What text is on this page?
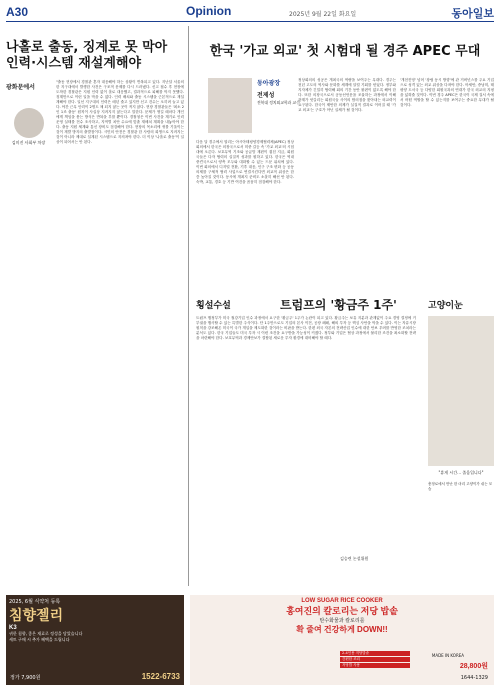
A30	Opinion	2025년 9월 22일 화요일	동아일보
나홀로 출동, 징계로 못 막아
인력·시스템 재설계해야
광화문에서
김미진 사회부 차장
"출동 현장에서 경찰관 혼자 대응해야 하는 상황이 반복되고 있다. 지난달 서울의 한 지구대에서 발생한 사건은 구조적 문제를 다시 드러냈다. 신고 접수 후 현장에 도착한 경찰관은 지원 인력 없이 홀로 대응했고, 결과적으로 피해를 막지 못했다. 징계만으로 이런 일을 막을 수 없다. 인력 배치와 출동 시스템을 근본적으로 재설계해야 한다. 일선 지구대의 인력은 매년 줄고 있지만 신고 건수는 오히려 늘고 있다. 야간 근무 인력이 2명도 채 되지 않는 곳이 적지 않다. 현장 경찰관들은 '최소 2인 1조 출동' 원칙이 사실상 지켜지지 않는다고 말한다. 문제가 생길 때마다 개인에게 책임을 묻는 방식은 반복을 부를 뿐이다. 경찰청은 이번 사건을 계기로 인력 운영 실태를 전수 조사하고, 지역별 치안 수요에 맞춘 재배치 계획을 내놓아야 한다. 출동 지원 체계와 통신 장비도 점검해야 한다. 현장의 목소리에 귀를 기울이는 것이 재발 방지의 출발점이다. 시민의 안전은 경찰관 한 사람의 희생으로 지켜지는 것이 아니라 제대로 설계된 시스템으로 지켜져야 한다. 더 이상 '나홀로 출동'이 일상이 되어서는 안 된다.
한국 '가교 외교' 첫 시험대 될 경주 APEC 무대
동아광장
전제성
전북대 정치외교학과 교수
다음 달 경주에서 열리는 아시아태평양경제협력체(APEC) 정상회의에서 한국은 의장국으로서 미중 갈등 속 '가교 외교'의 시험대에 오른다. 보호무역 기조와 공급망 재편이 겹친 지금, 회원국들은 다자 협력의 실질적 성과를 원하고 있다. 한국은 역내 중견국으로서 양측 모두와 대화할 수 있는 드문 위치에 있다. 이번 회의에서 디지털 전환, 기후 대응, 인구 구조 변화 등 공동 의제를 구체적 협력 사업으로 연결시킨다면 외교적 위상은 한층 높아질 것이다. 동시에 개최지 준비도 소홀히 해선 안 된다. 숙박, 교통, 경호 등 기반 여건을 꼼꼼히 점검해야 한다.
정상회의의 성공은 개최국의 역량을 보여주는 무대다. 경주는 천년 고도의 역사와 문화를 세계에 알릴 기회를 얻었다. 정부와 지자체가 긴밀히 협력해 회의 기간 동안 불편이 없도록 해야 한다. 또한 의장국으로서 공동선언문을 조율하는 과정에서 이해관계가 엇갈리는 회원국들 사이의 합의점을 찾아내는 외교력이 요구된다. 한국이 제안한 의제가 실질적 결과로 이어질 때 '가교 외교'는 구호가 아닌 실체가 될 것이다.
'개천진영' 넘어 '창립 동시 방향'에 관 거버넌스를 주요 기업으로 성격 있는 외교 위상을 다져야 한다. 아세안, 중남미, 태평양 도서국 등 다양한 회원국과의 연대가 한국 외교의 지평을 넓혀줄 것이다. 이번 경주 APEC은 한국이 국제 질서 속에서 어떤 역할을 할 수 있는지를 보여주는 중요한 무대가 될 것이다.
횡설수설	트럼프의 '황금주 1주'
트럼프 행정부가 미국 철강기업 인수 과정에서 요구한 '황금주' 1주가 논란이 되고 있다. 황금주는 보유 지분과 관계없이 주요 경영 결정에 거부권을 행사할 수 있는 특별한 주식이다. 단 1주만으로도 기업의 본사 이전, 공장 폐쇄, 해외 투자 등 핵심 사안을 막을 수 있다. 이는 자유시장 원칙을 강조해온 미국이 국가 개입을 제도화한 것이라는 비판을 받는다. 한편 외국 자본의 전략산업 인수에 대한 안보 우려를 반영한 조치라는 분석도 있다. 한국 기업들도 미국 투자 시 이런 조건을 요구받을 가능성이 커졌다. 정부와 기업은 협상 과정에서 불리한 조건을 최소화할 전략을 마련해야 한다. 보호무역과 경제안보가 결합된 새로운 투자 환경에 대비해야 할 때다.
김승련 논설위원
고양이눈
"휴게 시간… 졸음입니다"
충정로에서 만난 한 마리 고양이가 쉬는 모습
2025, 6월 식약처 등록
침향젤리
K3
귀한 침향, 좋은 재료로 정성을 담았습니다
세트 구매 시 추가 혜택을 드립니다
1522-6733
정가 7,900원
LOW SUGAR RICE COOKER
홍여진의 칼로리는 저당 밥솥
탄수화물과 칼로리를
확 줄여 건강하게 DOWN!!
2-4인용 저당밥솥
간편한 조리
저당밥 사용
MADE IN KOREA
28,800원
1644-1329
